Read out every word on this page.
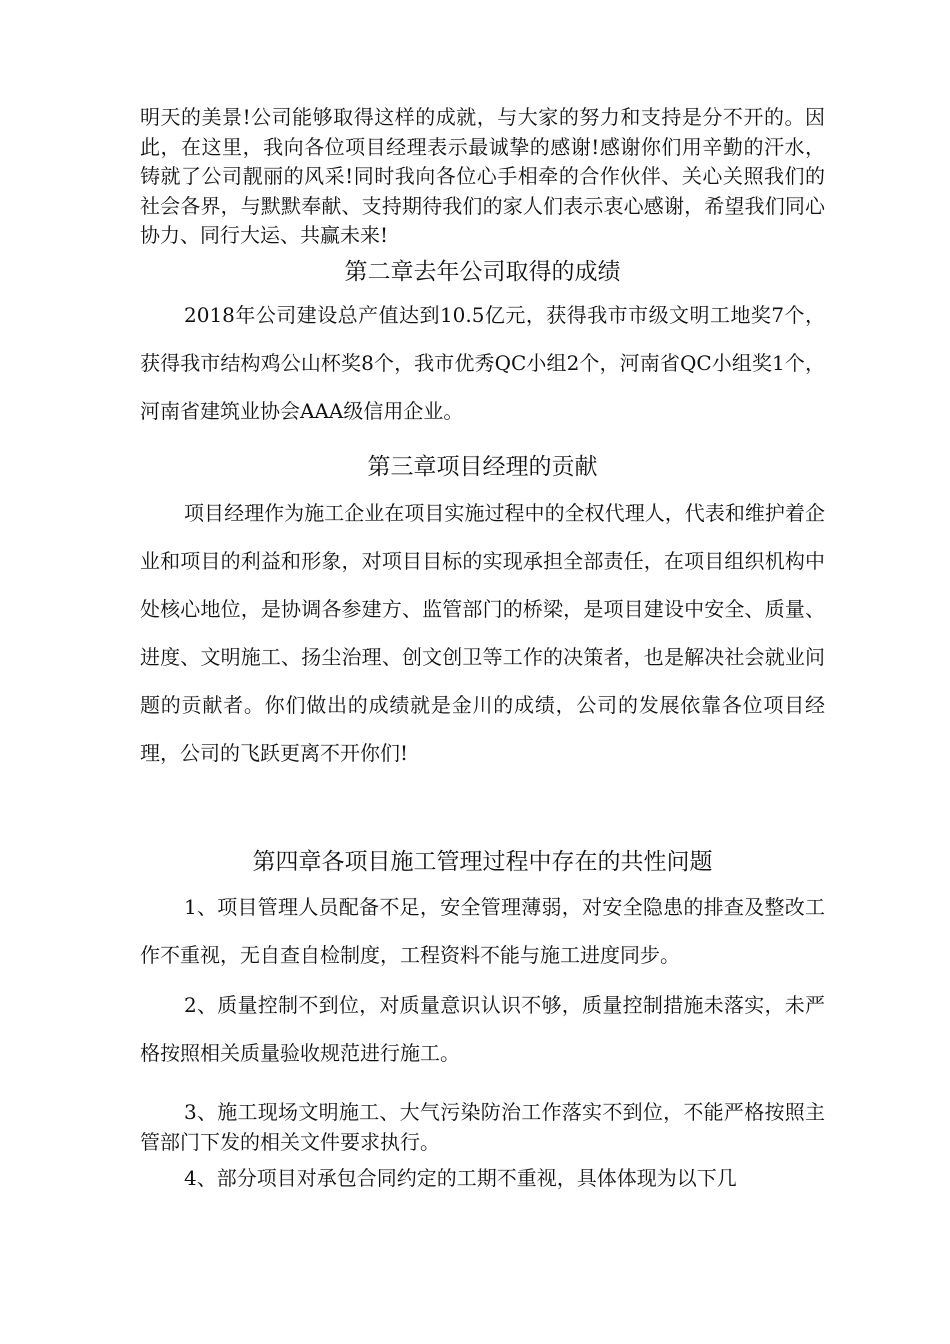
明天的美景!公司能够取得这样的成就，与大家的努力和支持是分不开的。因此，在这里，我向各位项目经理表示最诚挚的感谢!感谢你们用辛勤的汗水，铸就了公司靓丽的风采!同时我向各位心手相牵的合作伙伴、关心关照我们的社会各界，与默默奉献、支持期待我们的家人们表示衷心感谢，希望我们同心协力、同行大运、共赢未来!

第二章去年公司取得的成绩

2018年公司建设总产值达到10.5亿元，获得我市市级文明工地奖7个，获得我市结构鸡公山杯奖8个，我市优秀QC小组2个，河南省QC小组奖1个，河南省建筑业协会AAA级信用企业。

第三章项目经理的贡献

项目经理作为施工企业在项目实施过程中的全权代理人，代表和维护着企业和项目的利益和形象，对项目目标的实现承担全部责任，在项目组织机构中处核心地位，是协调各参建方、监管部门的桥梁，是项目建设中安全、质量、进度、文明施工、扬尘治理、创文创卫等工作的决策者，也是解决社会就业问题的贡献者。你们做出的成绩就是金川的成绩，公司的发展依靠各位项目经理，公司的飞跃更离不开你们!

第四章各项目施工管理过程中存在的共性问题

1、项目管理人员配备不足，安全管理薄弱，对安全隐患的排查及整改工作不重视，无自查自检制度，工程资料不能与施工进度同步。

2、质量控制不到位，对质量意识认识不够，质量控制措施未落实，未严格按照相关质量验收规范进行施工。

3、施工现场文明施工、大气污染防治工作落实不到位，不能严格按照主管部门下发的相关文件要求执行。

4、部分项目对承包合同约定的工期不重视，具体体现为以下几
